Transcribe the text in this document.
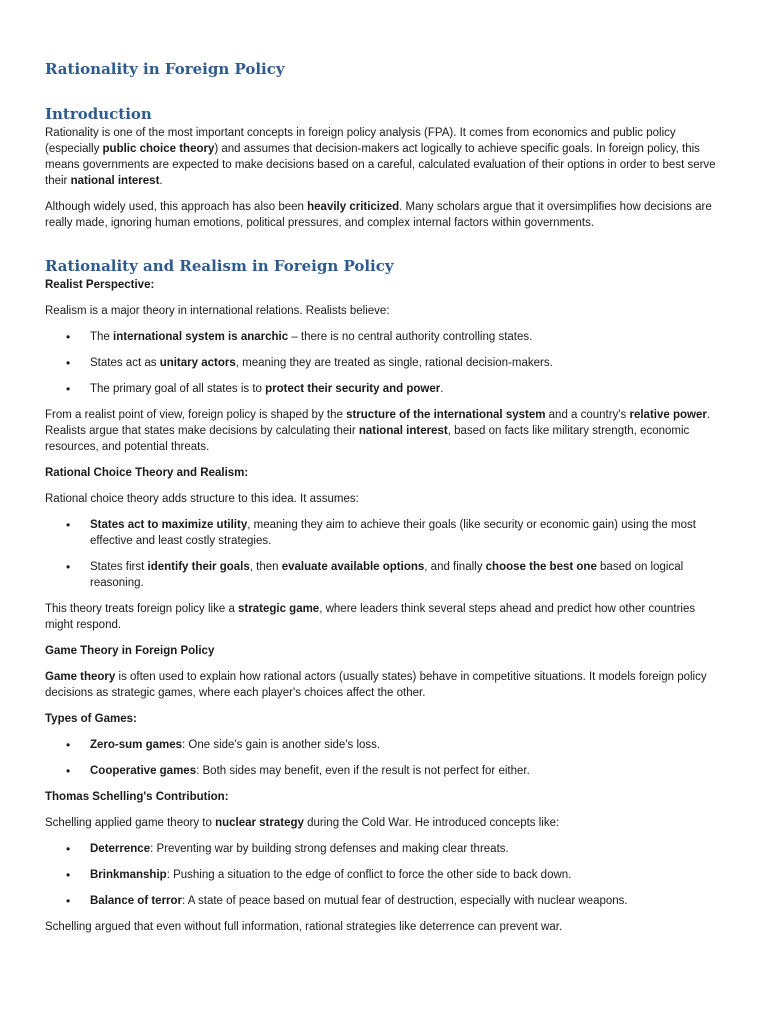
Rationality in Foreign Policy
Introduction

Rationality is one of the most important concepts in foreign policy analysis (FPA). It comes from economics and public policy (especially public choice theory) and assumes that decision-makers act logically to achieve specific goals. In foreign policy, this means governments are expected to make decisions based on a careful, calculated evaluation of their options in order to best serve their national interest.

Although widely used, this approach has also been heavily criticized. Many scholars argue that it oversimplifies how decisions are really made, ignoring human emotions, political pressures, and complex internal factors within governments.

Rationality and Realism in Foreign Policy

Realist Perspective:

Realism is a major theory in international relations. Realists believe:

• The international system is anarchic – there is no central authority controlling states.
• States act as unitary actors, meaning they are treated as single, rational decision-makers.
• The primary goal of all states is to protect their security and power.

From a realist point of view, foreign policy is shaped by the structure of the international system and a country's relative power. Realists argue that states make decisions by calculating their national interest, based on facts like military strength, economic resources, and potential threats.

Rational Choice Theory and Realism:

Rational choice theory adds structure to this idea. It assumes:

• States act to maximize utility, meaning they aim to achieve their goals (like security or economic gain) using the most effective and least costly strategies.
• States first identify their goals, then evaluate available options, and finally choose the best one based on logical reasoning.

This theory treats foreign policy like a strategic game, where leaders think several steps ahead and predict how other countries might respond.

Game Theory in Foreign Policy

Game theory is often used to explain how rational actors (usually states) behave in competitive situations. It models foreign policy decisions as strategic games, where each player's choices affect the other.

Types of Games:

• Zero-sum games: One side's gain is another side's loss.
• Cooperative games: Both sides may benefit, even if the result is not perfect for either.

Thomas Schelling's Contribution:

Schelling applied game theory to nuclear strategy during the Cold War. He introduced concepts like:

• Deterrence: Preventing war by building strong defenses and making clear threats.
• Brinkmanship: Pushing a situation to the edge of conflict to force the other side to back down.
• Balance of terror: A state of peace based on mutual fear of destruction, especially with nuclear weapons.

Schelling argued that even without full information, rational strategies like deterrence can prevent war.
